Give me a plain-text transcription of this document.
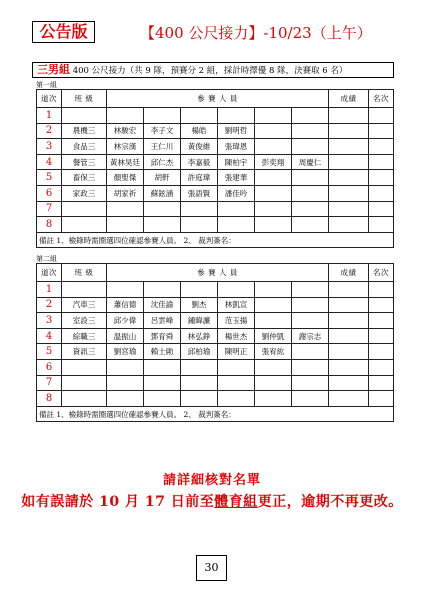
公告版	【400 公尺接力】-10/23（上午）
三男組 400 公尺接力（共 9 隊，預賽分 2 組，採計時擇優 8 隊，決賽取 6 名）
第一組
道次	班 級	參 賽 人 員						成績	名次
1									
2	農機三	林駿宏	李子文	楊皓	劉明哲				
3	食品三	林宗漢	王仁川	黃俊維	張瑋恩				
4	餐管三	黃林昊廷	邱仁杰	李嘉毅	陳柏宇	彭奕翔	周慶仁		
5	畜保三	顏聖傑	胡軒	許庭瑋	張建華				
6	家政三	胡家祈	蘇鉉涵	張語賢	潘佳吟				
7									
8									
備註 1、檢錄時需圈選四位確認參賽人員。 2、 裁判簽名：									
第二組
道次	班 級	參 賽 人 員						成績	名次
1									
2	汽車三	蕭信德	沈佳諭	劉杰	林凱宣				
3	室設三	邱少偉	呂雲峰	鍾暐濂	范玉揚				
4	綜職三	温振山	鄧育舜	林弘錚	楊世杰	劉仲凱	謝宗志		
5	資訊三	劉宮瑜	賴士勛	邱柏瑜	陳明正	張宥紘			
6									
7									
8									
備註 1、檢錄時需圈選四位確認參賽人員。 2、 裁判簽名：									
請詳細核對名單
如有誤請於 10 月 17 日前至體育組更正，逾期不再更改。
30
